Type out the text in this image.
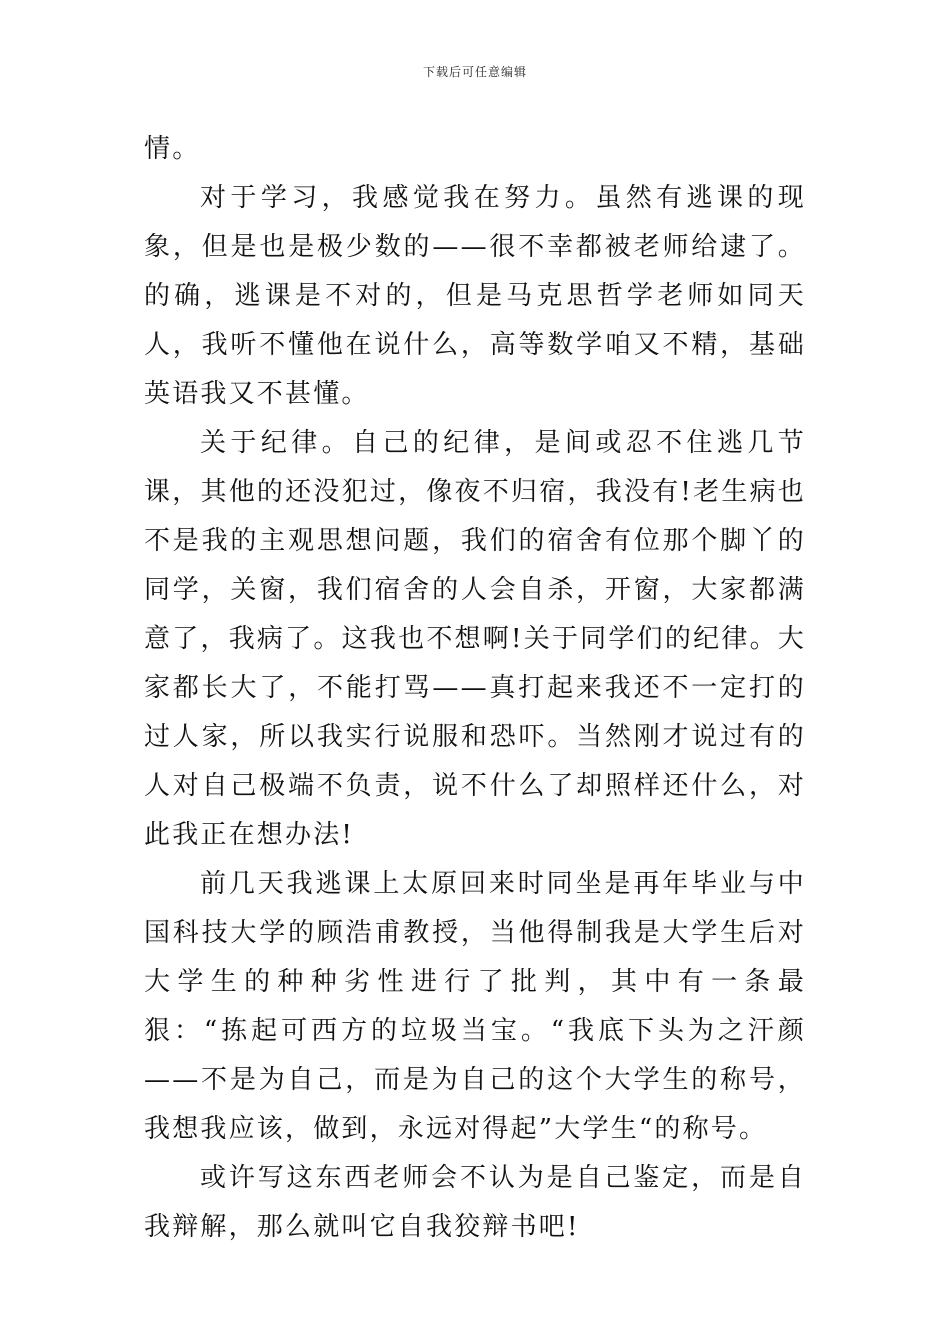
下载后可任意编辑

情。

对于学习，我感觉我在努力。虽然有逃课的现象，但是也是极少数的——很不幸都被老师给逮了。的确，逃课是不对的，但是马克思哲学老师如同天人，我听不懂他在说什么，高等数学咱又不精，基础英语我又不甚懂。

关于纪律。自己的纪律，是间或忍不住逃几节课，其他的还没犯过，像夜不归宿，我没有!老生病也不是我的主观思想问题，我们的宿舍有位那个脚丫的同学，关窗，我们宿舍的人会自杀，开窗，大家都满意了，我病了。这我也不想啊!关于同学们的纪律。大家都长大了，不能打骂——真打起来我还不一定打的过人家，所以我实行说服和恐吓。当然刚才说过有的人对自己极端不负责，说不什么了却照样还什么，对此我正在想办法!

前几天我逃课上太原回来时同坐是再年毕业与中国科技大学的顾浩甫教授，当他得制我是大学生后对大学生的种种劣性进行了批判，其中有一条最狠：“拣起可西方的垃圾当宝。“我底下头为之汗颜——不是为自己，而是为自己的这个大学生的称号，我想我应该，做到，永远对得起”大学生“的称号。

或许写这东西老师会不认为是自己鉴定，而是自我辩解，那么就叫它自我狡辩书吧!
